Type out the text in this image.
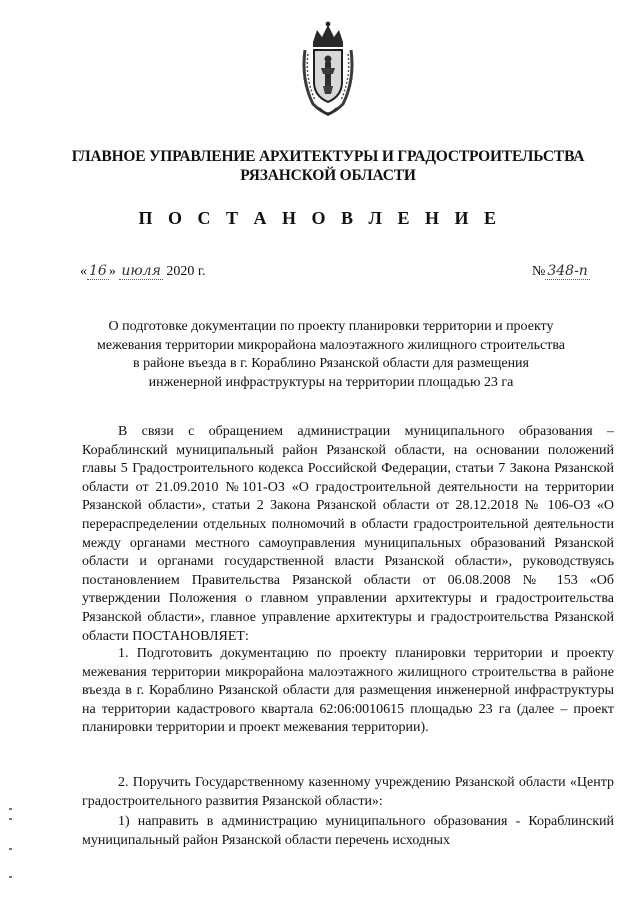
ГЛАВНОЕ УПРАВЛЕНИЕ АРХИТЕКТУРЫ И ГРАДОСТРОИТЕЛЬСТВА
РЯЗАНСКОЙ ОБЛАСТИ
П О С Т А Н О В Л Е Н И Е
« 16 » июля 2020 г.	№ 348-п
О подготовке документации по проекту планировки территории и проекту межевания территории микрорайона малоэтажного жилищного строительства в районе въезда в г. Кораблино Рязанской области для размещения инженерной инфраструктуры на территории площадью 23 га
В связи с обращением администрации муниципального образования – Кораблинский муниципальный район Рязанской области, на основании положений главы 5 Градостроительного кодекса Российской Федерации, статьи 7 Закона Рязанской области от 21.09.2010 №101-ОЗ «О градостроительной деятельности на территории Рязанской области», статьи 2 Закона Рязанской области от 28.12.2018 № 106-ОЗ «О перераспределении отдельных полномочий в области градостроительной деятельности между органами местного самоуправления муниципальных образований Рязанской области и органами государственной власти Рязанской области», руководствуясь постановлением Правительства Рязанской области от 06.08.2008 № 153 «Об утверждении Положения о главном управлении архитектуры и градостроительства Рязанской области», главное управление архитектуры и градостроительства Рязанской области ПОСТАНОВЛЯЕТ:
1. Подготовить документацию по проекту планировки территории и проекту межевания территории микрорайона малоэтажного жилищного строительства в районе въезда в г. Кораблино Рязанской области для размещения инженерной инфраструктуры на территории кадастрового квартала 62:06:0010615 площадью 23 га (далее – проект планировки территории и проект межевания территории).
2. Поручить Государственному казенному учреждению Рязанской области «Центр градостроительного развития Рязанской области»:
1) направить в администрацию муниципального образования - Кораблинский муниципальный район Рязанской области перечень исходных
